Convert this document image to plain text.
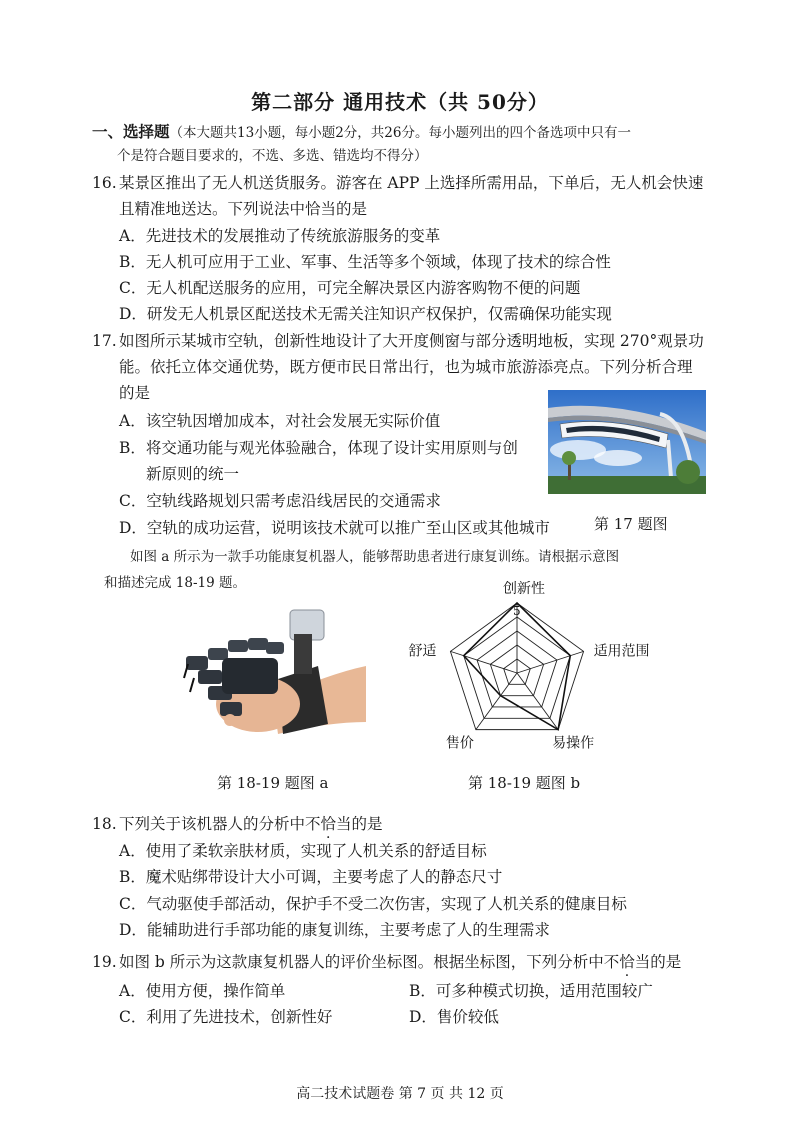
第二部分 通用技术（共 50分）
一、选择题（本大题共13小题，每小题2分，共26分。每小题列出的四个备选项中只有一
个是符合题目要求的，不选、多选、错选均不得分）
16. 某景区推出了无人机送货服务。游客在 APP 上选择所需用品，下单后，无人机会快速
且精准地送达。下列说法中恰当的是
A．先进技术的发展推动了传统旅游服务的变革
B．无人机可应用于工业、军事、生活等多个领域，体现了技术的综合性
C．无人机配送服务的应用，可完全解决景区内游客购物不便的问题
D．研发无人机景区配送技术无需关注知识产权保护，仅需确保功能实现
17. 如图所示某城市空轨，创新性地设计了大开度侧窗与部分透明地板，实现 270°观景功
能。依托立体交通优势，既方便市民日常出行，也为城市旅游添亮点。下列分析合理
的是
A．该空轨因增加成本，对社会发展无实际价值
B．将交通功能与观光体验融合，体现了设计实用原则与创
新原则的统一
C．空轨线路规划只需考虑沿线居民的交通需求
D．空轨的成功运营，说明该技术就可以推广至山区或其他城市	第 17 题图
如图 a 所示为一款手功能康复机器人，能够帮助患者进行康复训练。请根据示意图
和描述完成 18-19 题。
第 18-19 题图 a
5
创新性
适用范围
易操作
售价
舒适
第 18-19 题图 b
18. 下列关于该机器人的分析中不恰当的是
A．使用了柔软亲肤材质，实现了人机关系的舒适目标
B．魔术贴绑带设计大小可调，主要考虑了人的静态尺寸
C．气动驱使手部活动，保护手不受二次伤害，实现了人机关系的健康目标
D．能辅助进行手部功能的康复训练，主要考虑了人的生理需求
19. 如图 b 所示为这款康复机器人的评价坐标图。根据坐标图，下列分析中不恰当的是
A．使用方便，操作简单	B．可多种模式切换，适用范围较广
C．利用了先进技术，创新性好	D．售价较低
高二技术试题卷 第 7 页 共 12 页
